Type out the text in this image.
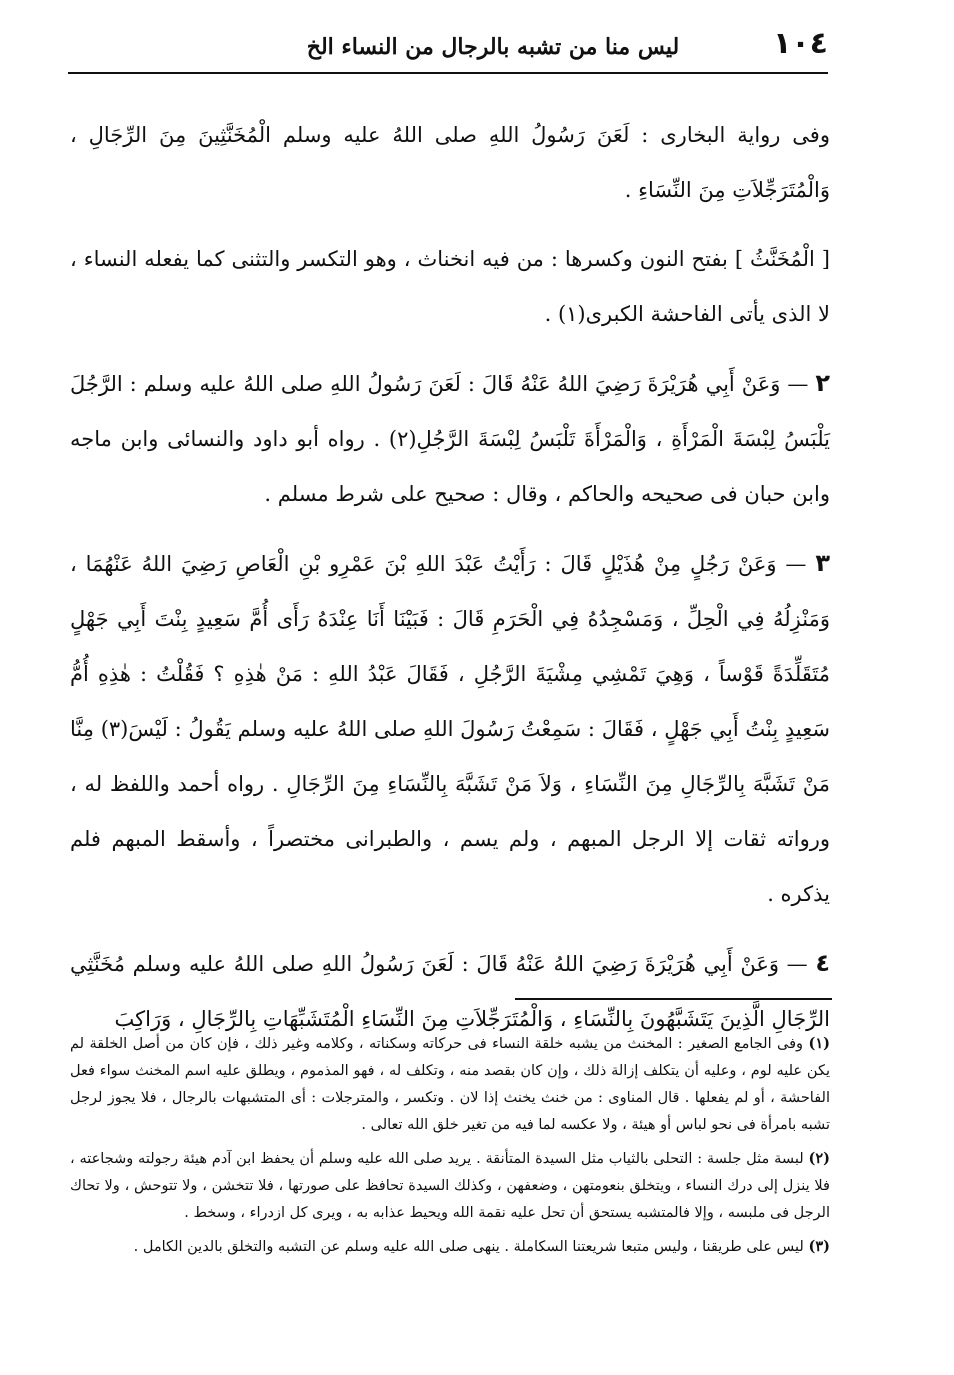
١٠٤
ليس منا من تشبه بالرجال من النساء الخ

وفى رواية البخارى : لَعَنَ رَسُولُ اللهِ صلى اللهُ عليه وسلم الْمُخَنَّثِينَ مِنَ الرِّجَالِ ، وَالْمُتَرَجِّلاَتِ مِنَ النِّسَاءِ .

[ الْمُخَنَّثُ ] بفتح النون وكسرها : من فيه انخناث ، وهو التكسر والتثنى كما يفعله النساء ، لا الذى يأتى الفاحشة الكبرى(١) .

٢ — وَعَنْ أَبِي هُرَيْرَةَ رَضِيَ اللهُ عَنْهُ قَالَ : لَعَنَ رَسُولُ اللهِ صلى اللهُ عليه وسلم : الرَّجُلَ يَلْبَسُ لِبْسَةَ الْمَرْأَةِ ، وَالْمَرْأَةَ تَلْبَسُ لِبْسَةَ الرَّجُلِ(٢) . رواه أبو داود والنسائى وابن ماجه وابن حبان فى صحيحه والحاكم ، وقال : صحيح على شرط مسلم .

٣ — وَعَنْ رَجُلٍ مِنْ هُذَيْلٍ قَالَ : رَأَيْتُ عَبْدَ اللهِ بْنَ عَمْرِو بْنِ الْعَاصِ رَضِيَ اللهُ عَنْهُمَا ، وَمَنْزِلُهُ فِي الْحِلِّ ، وَمَسْجِدُهُ فِي الْحَرَمِ قَالَ : فَبَيْنَا أَنَا عِنْدَهُ رَأَى أُمَّ سَعِيدٍ بِنْتَ أَبِي جَهْلٍ مُتَقَلِّدَةً قَوْساً ، وَهِيَ تَمْشِي مِشْيَةَ الرَّجُلِ ، فَقَالَ عَبْدُ اللهِ : مَنْ هٰذِهِ ؟ فَقُلْتُ : هٰذِهِ أُمُّ سَعِيدٍ بِنْتُ أَبِي جَهْلٍ ، فَقَالَ : سَمِعْتُ رَسُولَ اللهِ صلى اللهُ عليه وسلم يَقُولُ : لَيْسَ(٣) مِنَّا مَنْ تَشَبَّهَ بِالرِّجَالِ مِنَ النِّسَاءِ ، وَلاَ مَنْ تَشَبَّهَ بِالنِّسَاءِ مِنَ الرِّجَالِ . رواه أحمد واللفظ له ، ورواته ثقات إلا الرجل المبهم ، ولم يسم ، والطبرانى مختصراً ، وأسقط المبهم فلم يذكره .

٤ — وَعَنْ أَبِي هُرَيْرَةَ رَضِيَ اللهُ عَنْهُ قَالَ : لَعَنَ رَسُولُ اللهِ صلى اللهُ عليه وسلم مُخَنَّثِي الرِّجَالِ الَّذِينَ يَتَشَبَّهُونَ بِالنِّسَاءِ ، وَالْمُتَرَجِّلاَتِ مِنَ النِّسَاءِ الْمُتَشَبِّهَاتِ بِالرِّجَالِ ، وَرَاكِبَ

(١) وفى الجامع الصغير : المخنث من يشبه خلقة النساء فى حركاته وسكناته ، وكلامه وغير ذلك ، فإن كان من أصل الخلقة لم يكن عليه لوم ، وعليه أن يتكلف إزالة ذلك ، وإن كان بقصد منه ، وتكلف له ، فهو المذموم ، ويطلق عليه اسم المخنث سواء فعل الفاحشة ، أو لم يفعلها . قال المناوى : من خنث يخنث إذا لان . وتكسر ، والمترجلات : أى المتشبهات بالرجال ، فلا يجوز لرجل تشبه بامرأة فى نحو لباس أو هيئة ، ولا عكسه لما فيه من تغير خلق الله تعالى .

(٢) لبسة مثل جلسة : التحلى بالثياب مثل السيدة المتأنقة . يريد صلى الله عليه وسلم أن يحفظ ابن آدم هيئة رجولته وشجاعته ، فلا ينزل إلى درك النساء ، ويتخلق بنعومتهن ، وضعفهن ، وكذلك السيدة تحافظ على صورتها ، فلا تتخشن ، ولا تتوحش ، ولا تحاك الرجل فى ملبسه ، وإلا فالمتشبه يستحق أن تحل عليه نقمة الله ويحيط عذابه به ، ويرى كل ازدراء ، وسخط .

(٣) ليس على طريقنا ، وليس متبعا شريعتنا السكاملة . ينهى صلى الله عليه وسلم عن التشبه والتخلق بالدين الكامل .
